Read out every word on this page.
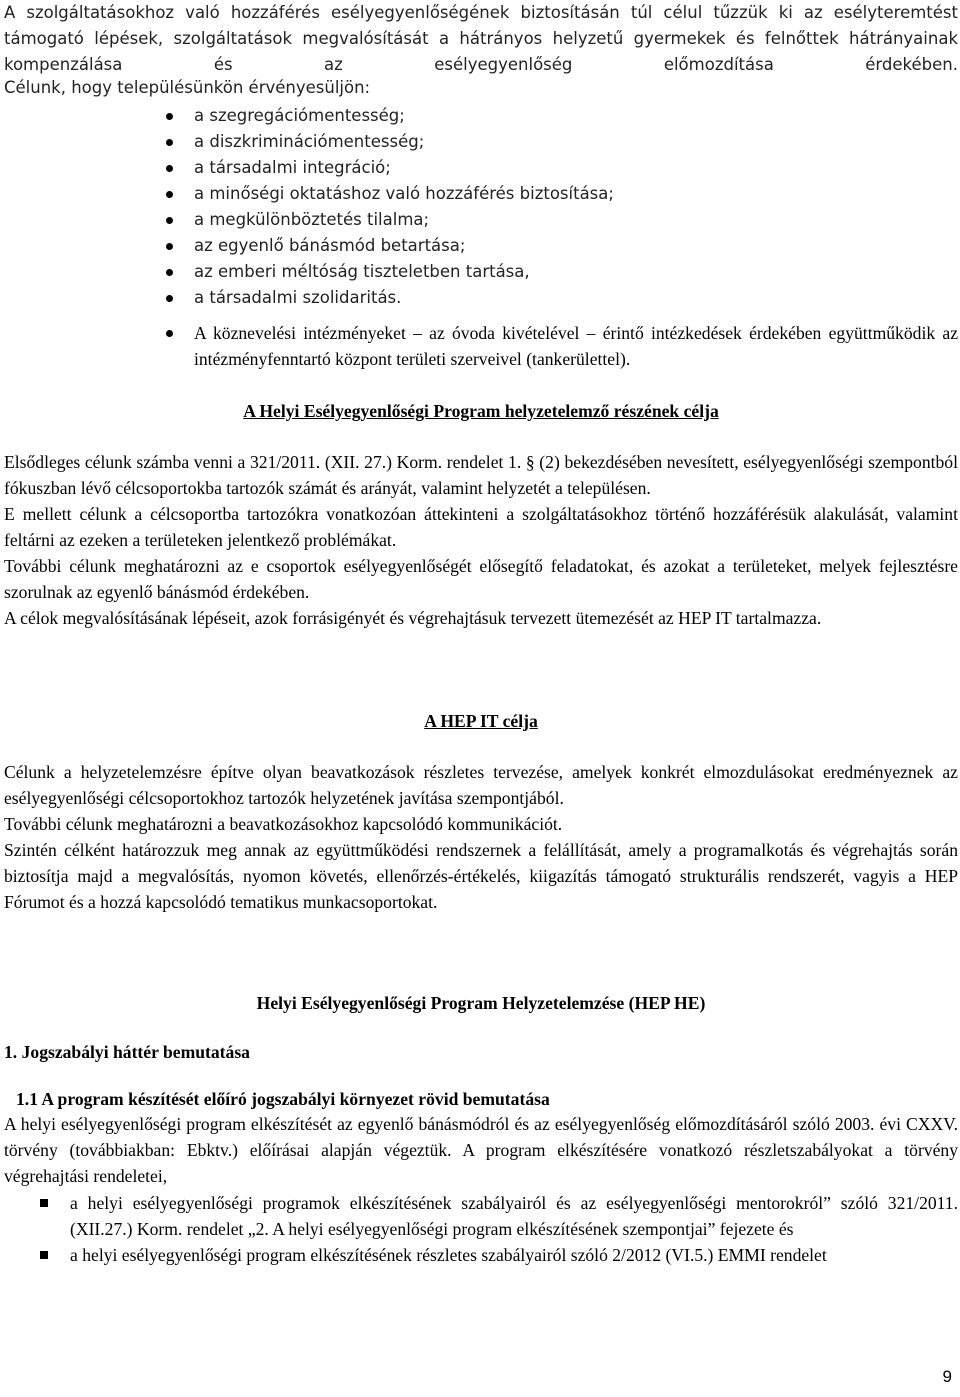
A szolgáltatásokhoz való hozzáférés esélyegyenlőségének biztosításán túl célul tűzzük ki az esélyteremtést támogató lépések, szolgáltatások megvalósítását a hátrányos helyzetű gyermekek és felnőttek hátrányainak kompenzálása és az esélyegyenlőség előmozdítása érdekében.

Célunk, hogy településünkön érvényesüljön:

a szegregációmentesség;
a diszkriminációmentesség;
a társadalmi integráció;
a minőségi oktatáshoz való hozzáférés biztosítása;
a megkülönböztetés tilalma;
az egyenlő bánásmód betartása;
az emberi méltóság tiszteletben tartása,
a társadalmi szolidaritás.
A köznevelési intézményeket – az óvoda kivételével – érintő intézkedések érdekében együttműködik az intézményfenntartó központ területi szerveivel (tankerülettel).

A Helyi Esélyegyenlőségi Program helyzetelemző részének célja

Elsődleges célunk számba venni a 321/2011. (XII. 27.) Korm. rendelet 1. § (2) bekezdésében nevesített, esélyegyenlőségi szempontból fókuszban lévő célcsoportokba tartozók számát és arányát, valamint helyzetét a településen.

E mellett célunk a célcsoportba tartozókra vonatkozóan áttekinteni a szolgáltatásokhoz történő hozzáférésük alakulását, valamint feltárni az ezeken a területeken jelentkező problémákat.

További célunk meghatározni az e csoportok esélyegyenlőségét elősegítő feladatokat, és azokat a területeket, melyek fejlesztésre szorulnak az egyenlő bánásmód érdekében.

A célok megvalósításának lépéseit, azok forrásigényét és végrehajtásuk tervezett ütemezését az HEP IT tartalmazza.

A HEP IT célja

Célunk a helyzetelemzésre építve olyan beavatkozások részletes tervezése, amelyek konkrét elmozdulásokat eredményeznek az esélyegyenlőségi célcsoportokhoz tartozók helyzetének javítása szempontjából.

További célunk meghatározni a beavatkozásokhoz kapcsolódó kommunikációt.

Szintén célként határozzuk meg annak az együttműködési rendszernek a felállítását, amely a programalkotás és végrehajtás során biztosítja majd a megvalósítás, nyomon követés, ellenőrzés-értékelés, kiigazítás támogató strukturális rendszerét, vagyis a HEP Fórumot és a hozzá kapcsolódó tematikus munkacsoportokat.

Helyi Esélyegyenlőségi Program Helyzetelemzése (HEP HE)

1. Jogszabályi háttér bemutatása

1.1 A program készítését előíró jogszabályi környezet rövid bemutatása

A helyi esélyegyenlőségi program elkészítését az egyenlő bánásmódról és az esélyegyenlőség előmozdításáról szóló 2003. évi CXXV. törvény (továbbiakban: Ebktv.) előírásai alapján végeztük. A program elkészítésére vonatkozó részletszabályokat a törvény végrehajtási rendeletei,

a helyi esélyegyenlőségi programok elkészítésének szabályairól és az esélyegyenlőségi mentorokról” szóló 321/2011. (XII.27.) Korm. rendelet „2. A helyi esélyegyenlőségi program elkészítésének szempontjai” fejezete és
a helyi esélyegyenlőségi program elkészítésének részletes szabályairól szóló 2/2012 (VI.5.) EMMI rendelet
9
